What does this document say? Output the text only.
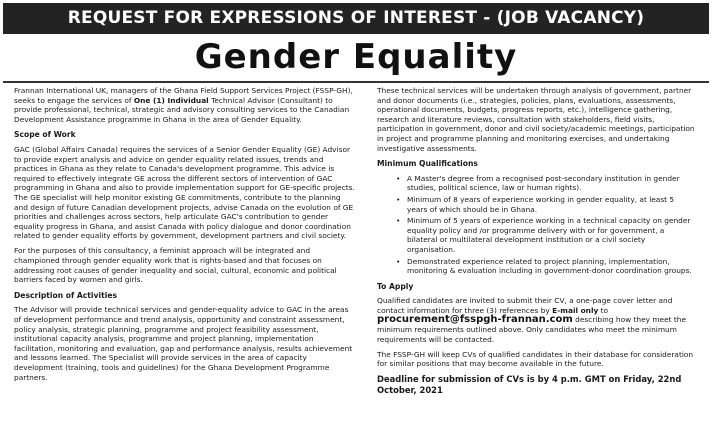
REQUEST FOR EXPRESSIONS OF INTEREST - (JOB VACANCY)
Gender Equality

Frannan International UK, managers of the Ghana Field Support Services Project (FSSP-GH), seeks to engage the services of One (1) Individual Technical Advisor (Consultant) to provide professional, technical, strategic and advisory consulting services to the Canadian Development Assistance programme in Ghana in the area of Gender Equality.

Scope of Work

GAC (Global Affairs Canada) requires the services of a Senior Gender Equality (GE) Advisor to provide expert analysis and advice on gender equality related issues, trends and practices in Ghana as they relate to Canada's development programme. This advice is required to effectively integrate GE across the different sectors of intervention of GAC programming in Ghana and also to provide implementation support for GE-specific projects. The GE specialist will help monitor existing GE commitments, contribute to the planning and design of future Canadian development projects, advise Canada on the evolution of GE priorities and challenges across sectors, help articulate GAC's contribution to gender equality progress in Ghana, and assist Canada with policy dialogue and donor coordination related to gender equality efforts by government, development partners and civil society.

For the purposes of this consultancy, a feminist approach will be integrated and championed through gender equality work that is rights-based and that focuses on addressing root causes of gender inequality and social, cultural, economic and political barriers faced by women and girls.

Description of Activities

The Advisor will provide technical services and gender-equality advice to GAC in the areas of development performance and trend analysis, opportunity and constraint assessment, policy analysis, strategic planning, programme and project feasibility assessment, institutional capacity analysis, programme and project planning, implementation facilitation, monitoring and evaluation, gap and performance analysis, results achievement and lessons learned. The Specialist will provide services in the area of capacity development (training, tools and guidelines) for the Ghana Development Programme partners.

These technical services will be undertaken through analysis of government, partner and donor documents (i.e., strategies, policies, plans, evaluations, assessments, operational documents, budgets, progress reports, etc.), intelligence gathering, research and literature reviews, consultation with stakeholders, field visits, participation in government, donor and civil society/academic meetings, participation in project and programme planning and monitoring exercises, and undertaking investigative assessments.

Minimum Qualifications
• A Master's degree from a recognised post-secondary institution in gender studies, political science, law or human rights).
• Minimum of 8 years of experience working in gender equality, at least 5 years of which should be in Ghana.
• Minimum of 5 years of experience working in a technical capacity on gender equality policy and /or programme delivery with or for government, a bilateral or multilateral development institution or a civil society organisation.
• Demonstrated experience related to project planning, implementation, monitoring & evaluation including in government-donor coordination groups.
To Apply

Qualified candidates are invited to submit their CV, a one-page cover letter and contact information for three (3) references by E-mail only to
procurement@fsspgh-frannan.com describing how they meet the minimum requirements outlined above. Only candidates who meet the minimum requirements will be contacted.

The FSSP-GH will keep CVs of qualified candidates in their database for consideration for similar positions that may become available in the future.

Deadline for submission of CVs is by 4 p.m. GMT on Friday, 22nd October, 2021
